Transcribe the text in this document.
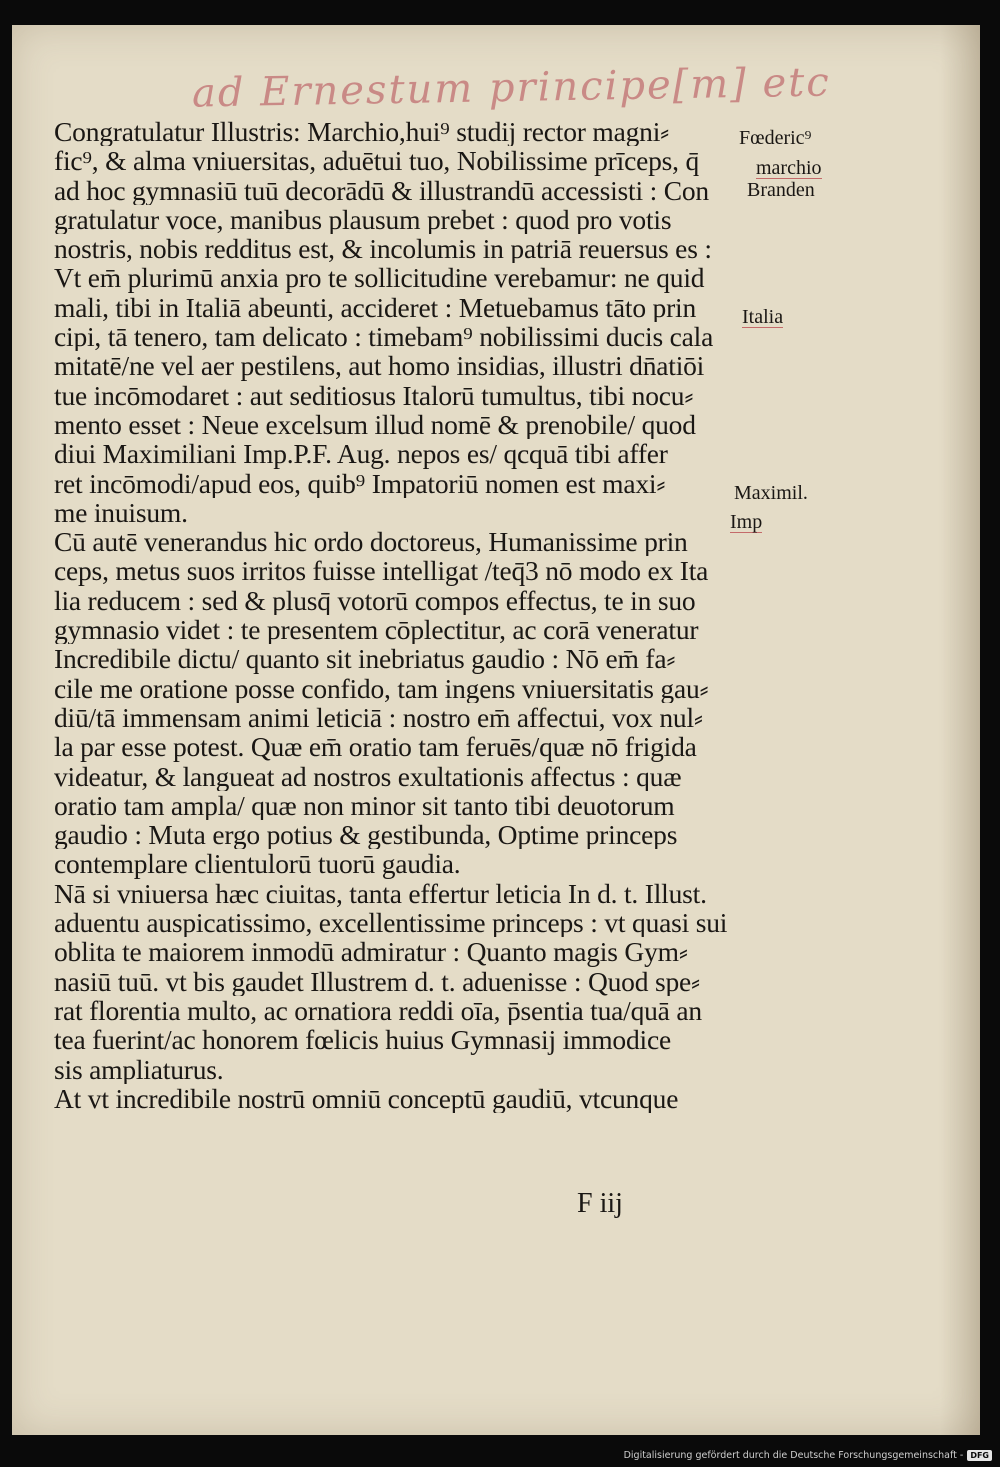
ad Ernestum principe[m] etc
Congratulatur Illustris: Marchio,hui⁹ studij rector magni⸗
fic⁹, & alma vniuersitas, aduētui tuo, Nobilissime prīceps, q̄
ad hoc gymnasiū tuū decorādū & illustrandū accessisti : Con
gratulatur voce, manibus plausum prebet : quod pro votis
nostris, nobis redditus est, & incolumis in patriā reuersus es :
Vt em̄ plurimū anxia pro te sollicitudine verebamur: ne quid
mali, tibi in Italiā abeunti, accideret : Metuebamus tāto prin
cipi, tā tenero, tam delicato : timebam⁹ nobilissimi ducis cala
mitatē/ne vel aer pestilens, aut homo insidias, illustri dn̄atiōi
tue incōmodaret : aut seditiosus Italorū tumultus, tibi nocu⸗
mento esset : Neue excelsum illud nomē & prenobile/ quod
diui Maximiliani Imp.P.F. Aug. nepos es/ qcquā tibi affer
ret incōmodi/apud eos, quib⁹ Impatoriū nomen est maxi⸗
me inuisum.
Cū autē venerandus hic ordo doctoreus, Humanissime prin
ceps, metus suos irritos fuisse intelligat /teq̄3 nō modo ex Ita
lia reducem : sed & plusq̄ votorū compos effectus, te in suo
gymnasio videt : te presentem cōplectitur, ac corā veneratur
Incredibile dictu/ quanto sit inebriatus gaudio : Nō em̄ fa⸗
cile me oratione posse confido, tam ingens vniuersitatis gau⸗
diū/tā immensam animi leticiā : nostro em̄ affectui, vox nul⸗
la par esse potest. Quæ em̄ oratio tam feruēs/quæ nō frigida
videatur, & langueat ad nostros exultationis affectus : quæ
oratio tam ampla/ quæ non minor sit tanto tibi deuotorum
gaudio : Muta ergo potius & gestibunda, Optime princeps
contemplare clientulorū tuorū gaudia.
Nā si vniuersa hæc ciuitas, tanta effertur leticia In d. t. Illust.
aduentu auspicatissimo, excellentissime princeps : vt quasi sui
oblita te maiorem inmodū admiratur : Quanto magis Gym⸗
nasiū tuū. vt bis gaudet Illustrem d. t. aduenisse : Quod spe⸗
rat florentia multo, ac ornatiora reddi oīa, p̄sentia tua/quā an
tea fuerint/ac honorem fœlicis huius Gymnasij immodice
sis ampliaturus.
At vt incredibile nostrū omniū conceptū gaudiū, vtcunque
Fœderic⁹
marchio
Branden
Italia
Maximil.
Imp
F iij
Digitalisierung gefördert durch die Deutsche Forschungsgemeinschaft - DFG
